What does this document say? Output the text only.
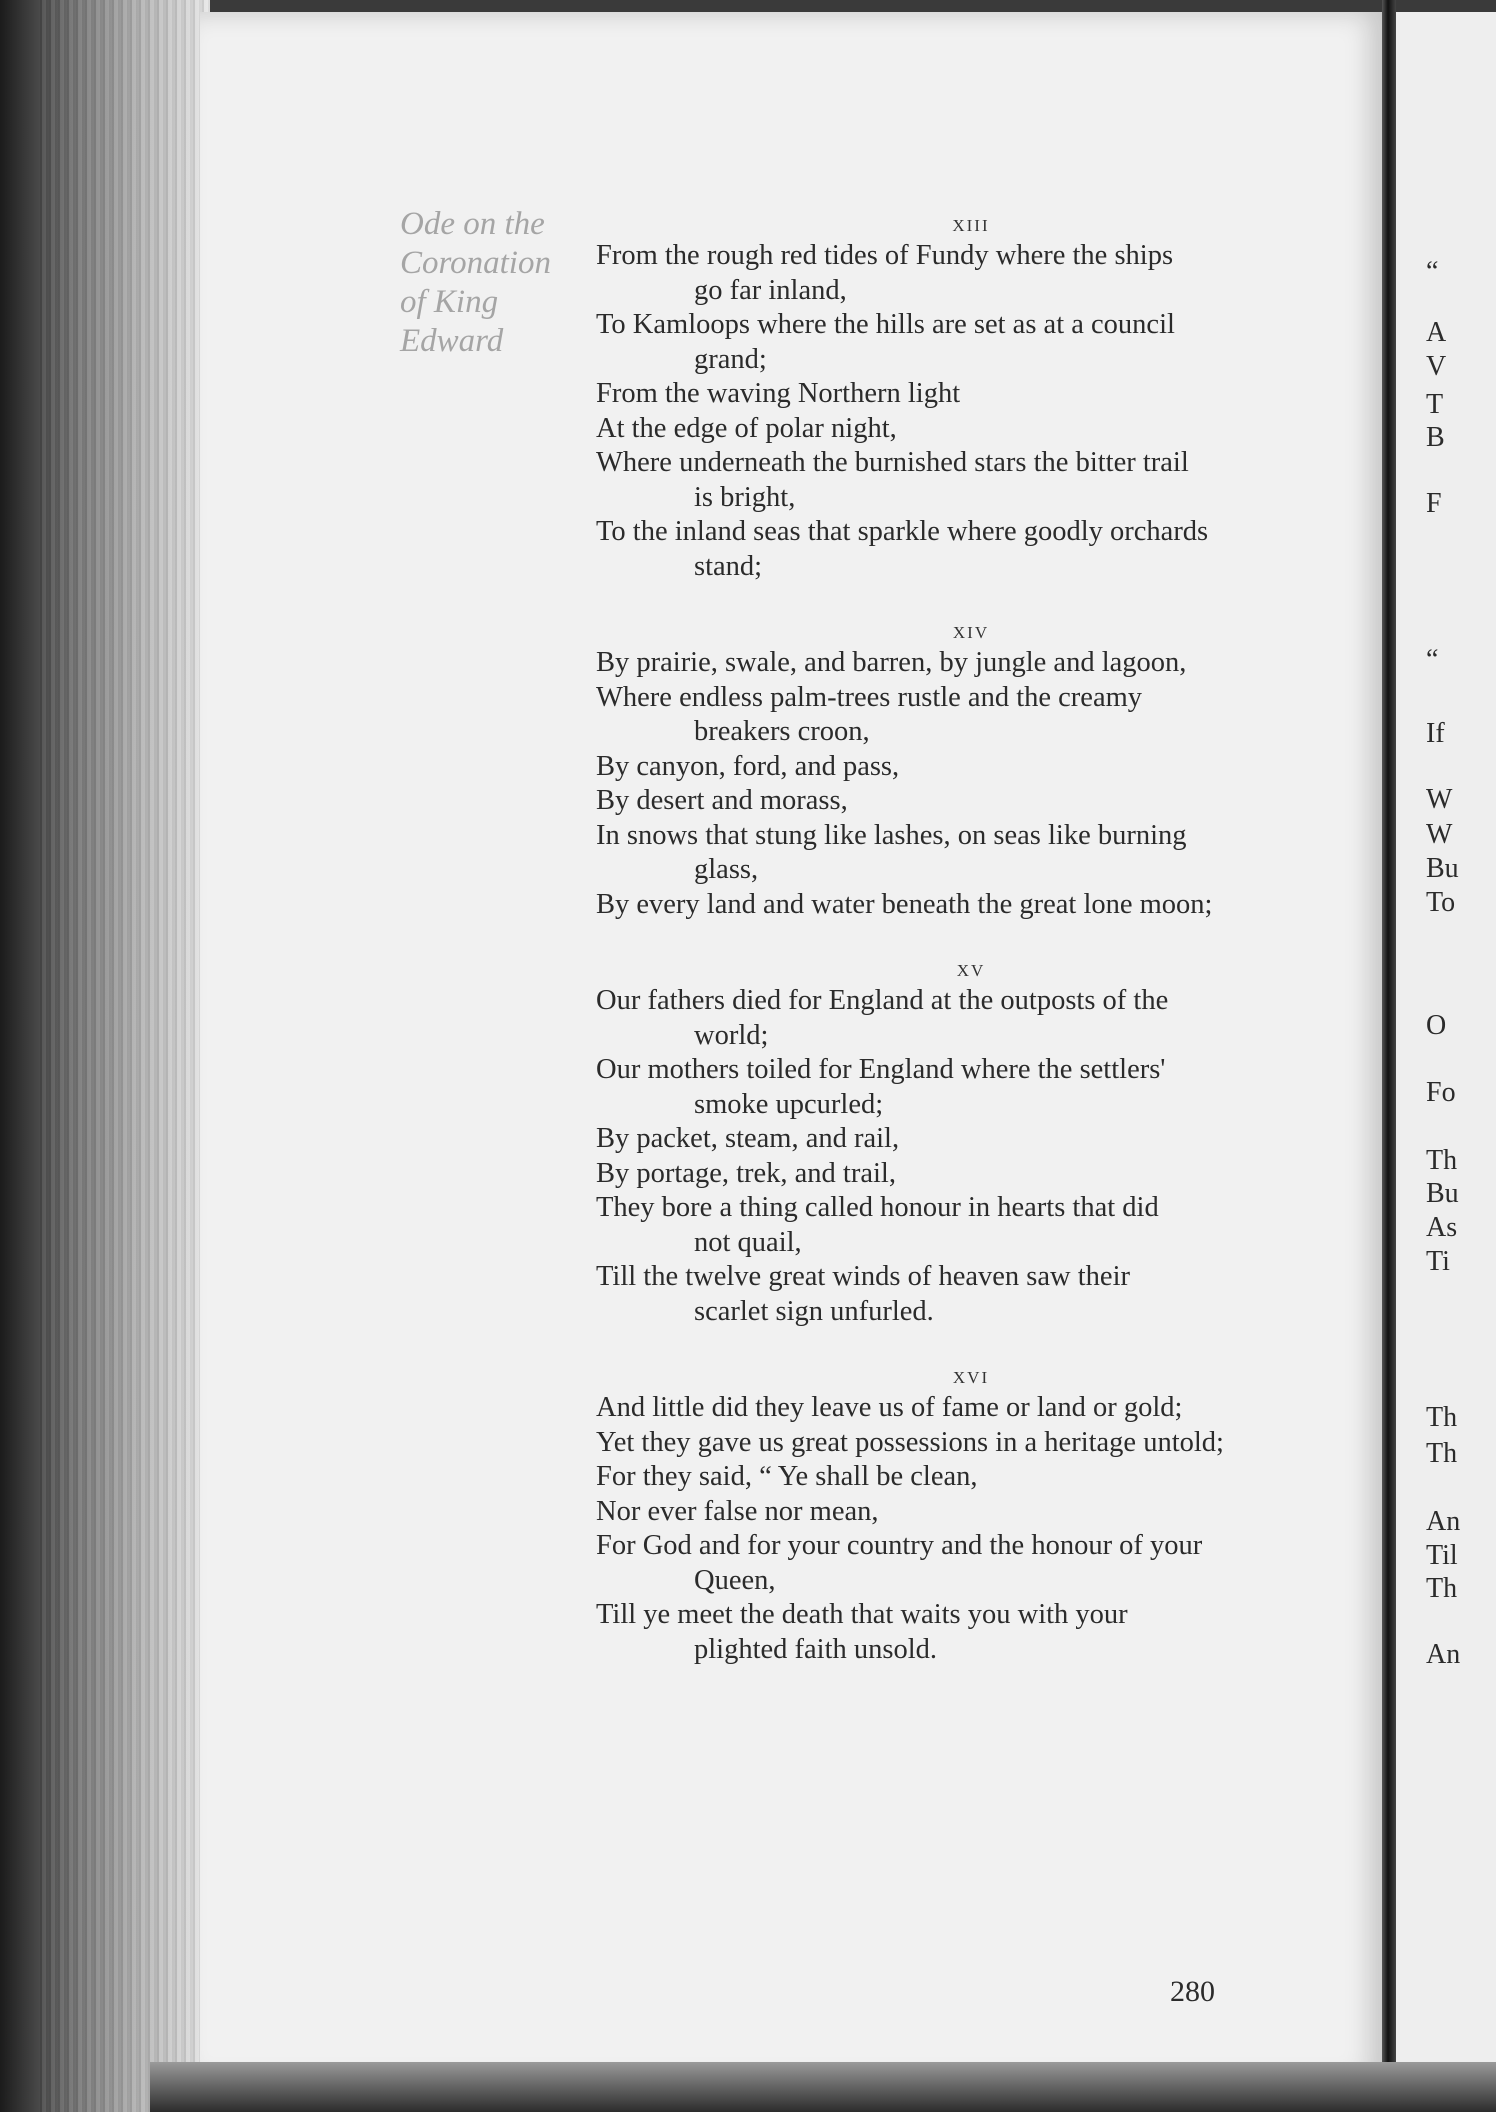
Ode on the
Coronation
of King
Edward
XIII
From the rough red tides of Fundy where the ships
go far inland,
To Kamloops where the hills are set as at a council
grand;
From the waving Northern light
At the edge of polar night,
Where underneath the burnished stars the bitter trail
is bright,
To the inland seas that sparkle where goodly orchards
stand;
XIV
By prairie, swale, and barren, by jungle and lagoon,
Where endless palm-trees rustle and the creamy
breakers croon,
By canyon, ford, and pass,
By desert and morass,
In snows that stung like lashes, on seas like burning
glass,
By every land and water beneath the great lone moon;
XV
Our fathers died for England at the outposts of the
world;
Our mothers toiled for England where the settlers'
smoke upcurled;
By packet, steam, and rail,
By portage, trek, and trail,
They bore a thing called honour in hearts that did
not quail,
Till the twelve great winds of heaven saw their
scarlet sign unfurled.
XVI
And little did they leave us of fame or land or gold;
Yet they gave us great possessions in a heritage untold;
For they said, “ Ye shall be clean,
Nor ever false nor mean,
For God and for your country and the honour of your
Queen,
Till ye meet the death that waits you with your
plighted faith unsold.
280
“
A
V
T
B
F
“
If
W
W
Bu
To
O
Fo
Th
Bu
As
Ti
Th
Th
An
Til
Th
An
